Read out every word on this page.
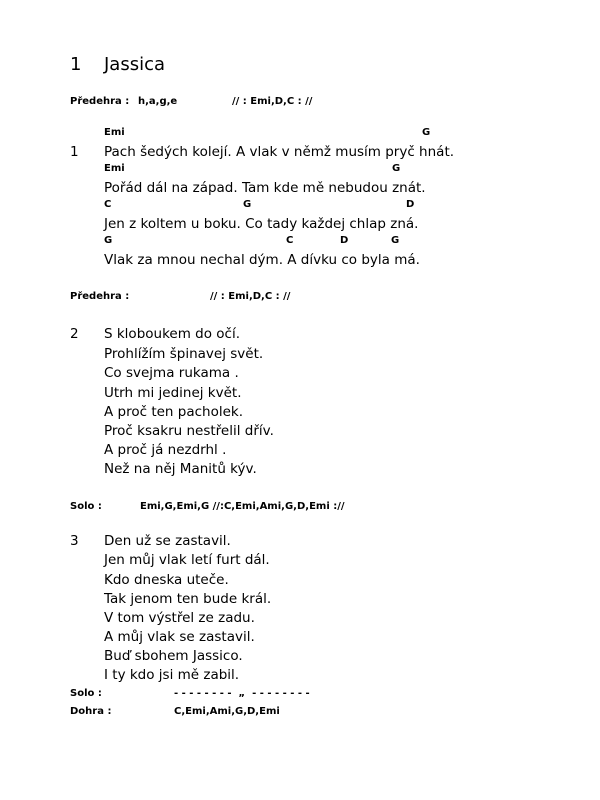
1 Jassica
Předehra : h,a,g,e	// : Emi,D,C : //
Emi	G
1 Pach šedých kolejí. A vlak v němž musím pryč hnát.
Emi	G
Pořád dál na západ. Tam kde mě nebudou znát.
C	G	D
Jen z koltem u boku. Co tady každej chlap zná.
G	C	D	G
Vlak za mnou nechal dým. A dívku co byla má.
Předehra :	// : Emi,D,C : //
2 S kloboukem do očí.
Prohlížím špinavej svět.
Co svejma rukama .
Utrh mi jedinej květ.
A proč ten pacholek.
Proč ksakru nestřelil dřív.
A proč já nezdrhl .
Než na něj Manitů kýv.
Solo :	Emi,G,Emi,G //:C,Emi,Ami,G,D,Emi ://
3 Den už se zastavil.
Jen můj vlak letí furt dál.
Kdo dneska uteče.
Tak jenom ten bude král.
V tom výstřel ze zadu.
A můj vlak se zastavil.
Buď sbohem Jassico.
I ty kdo jsi mě zabil.
Solo :	- - - - - - - -  „  - - - - - - - -
Dohra :	C,Emi,Ami,G,D,Emi
